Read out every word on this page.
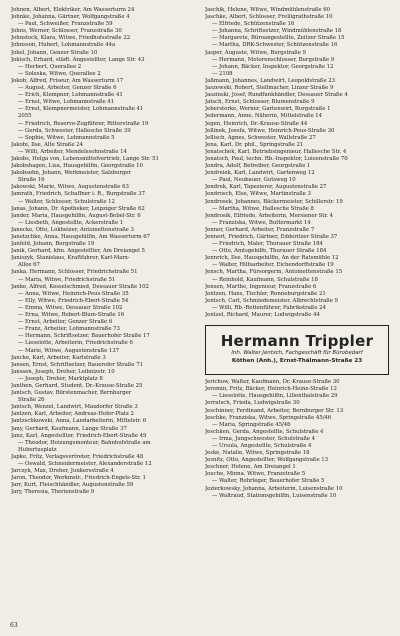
Johnen, Albert, Elektriker, Am Wasserturm 24
Johnke, Johanna, Gärtner, Wolfgangstraße 4
— Paul, Schweißer, Franzstraße 59
Johns, Werner, Schlosser, Franzstraße 30
Johnstock, Klara, Witwe, Friedhofsstraße 22
Johnsson, Hubert, Lohmannstraße 44a
Jokel, Johann, Genzer Straße 10
Jokisch, Erhard, städt. Angestellter, Lange Str. 43
— Herbert, Querallee 2
— Soleska, Witwe, Querallee 2
Jokob, Alfred, Friseur, Am Wasserturm 17
— August, Arbeiter, Genzer Straße 6
— Erich, Klempner, Lohmannstraße 41
— Ernst, Witwe, Lohmannstraße 41
— Ernst, Klempnermeister, Lohmannstraße 41
2055
— Friedrich, Reserve-Zugführer, Ritterstraße 19
— Gerda, Schwester, Hallesche Straße 39
— Sophie, Witwe, Lohmannstraße 5
Jakobi, Ilse, Alte Straße 24
— Willi, Arbeiter, Mendelssohnstraße 14
Jakobs, Helga von, Lebensmittelvertrieb, Lange Str. 51
Jakobshagen, Lisa, Hausgehilfin, Georgstraße 10
Jakobsohn, Johann, Werkmeister, Salzburger
Straße 16
Jakowski, Marie, Witwe, Augustenstraße 63
Jamrath, Friedrich, Schaffner i. R., Burgstraße 37
— Walter, Schlosser, Schulstraße 12
Janas, Johann, Dr. Apotheker, Leipziger Straße 62
Jander, Maria, Hausgehilfin, August-Bebel-Str. 6
— Liesbeth, Angestellte, Ackerstraße 1
Janecke, Otto, Lokheizer, Antoinettenstraße 3
Janetzchke, Anna, Hausgehilfin, Am Wasserturm 67
Janfeld, Johann, Burgstraße 19
Janik, Gerhard, kfm. Angestellter, Am Dreiangel 5
Janiszyk, Stanislaus, Kraftfahrer, Karl-Marx-
Allee 67
Janka, Hermann, Schlosser, Friedrichstraße 51
— Maria, Witwe, Friedrichstraße 51
Janke, Alfred, Kesselschmied, Dessauer Straße 102
— Anna, Witwe, Heinrich-Peus-Straße 35
— Elly, Witwe, Friedrich-Ebert-Straße 54
— Emma, Witwe, Dessauer Straße 102
— Erna, Witwe, Robert-Blum-Straße 16
— Ernst, Arbeiter, Genzer Straße 6
— Franz, Arbeiter, Lohmannstraße 73
— Hermann, Schriftsetzer, Bauerhofer Straße 17
— Lieselotte, Arbeiterin, Friedrichstraße 6
— Marie, Witwe, Augustenstraße 137
Jancke, Karl, Arbeiter, Karlstraße 3
Jansen, Ernst, Schriftsetzer, Bauerofer Straße 71
Janssen, Joseph, Dreher, Leibnizstr. 10
— Joseph, Dreher, Marktplatz 8
Janthen, Gerhard, Student, Dr.-Krause-Straße 25
Jantsch, Gustav, Bürstenmacher, Bernburger
Straße 26
Jantsch, Wenzel, Landwirt, Maxdorfer Straße 3
Jantzen, Karl, Arbeiter, Andreas-Hofer-Platz 2
Jantzschkowski, Anna, Landarbeiterin, Mittelstr. 6
Jany, Gerhard, Kaufmann, Lange Straße 37
Janz, Karl, Angestellter, Friedrich-Ebert-Straße 49
— Theodor, Heizungsmonteur, Bahnhofstraße am
Hubertusplatz
Japke, Fritz, Verlagsvertreter, Friedrichstraße 48
— Oswald, Schneidermeister, Alexanderstraße 12
Jarczyk, Max, Dreher, Junkersstraße 4
Jaron, Theodor, Werkmstr., Friedrich-Engels-Str. 1
Jarr, Kurt, Fleischhändler, Augustenstraße 59
Jary, Theresia, Therienstraße 9
Jaschik, Helene, Witwe, Windmühlenstraße 60
Jaschke, Albert, Schlosser, Freiligrathstraße 10
— Elfriede, Schützenstraße 16
— Johanna, Schriftsetzer, Windmühlenstraße 18
— Margarete, Büroangestellte, Zeitzer Straße 15
— Martha, DRK-Schwester, Schützenstraße 16
Jasper, Auguste, Witwe, Burgstraße 9
— Hermann, Motorenschlosser, Burgstraße 9
— Johann, Bäcker, Inspektor, Georgstraße 12
— 2108
Jaßmann, Johannes, Landwirt, Leopoldstraße 23
Jaszewski, Robert, Stellmacher, Linzer Straße 9
Jaszinski, Josef, Rundfunkhändler, Dessauer Straße 4
Jatsch, Ernst, Schlosser, Blumenstraße 9
Jeberstorke, Werner, Gartenwirt, Burgstraße 1
Jedermann, Anne, Näherin, Mittelstraße 14
Jegen, Heinrich, Dr.-Krause-Straße 44
Jellinek, Josefa, Witwe, Heinrich-Peus-Straße 30
Jellisch, Agnes, Schwester, Wallstraße 27
Jena, Karl, Dr. phil., Springstraße 21
Jenatschek, Karl, Betriebsingenieur, Hallesche Str. 4
Jenatsch, Paul, techn. Rb.-Inspektor, Luisenstraße 70
Jendra, Adolf, Betreiber, Georgstraße 1
Jendreiek, Karl, Landwirt, Gartenweg 12
— Paul, Neubauer, Gutsweg 10
Jendrek, Karl, Tapezierer, Augustenstraße 27
Jendrosch, Else, Witwe, Martinstraße 3
Jendrosek, Johannes, Bäckermeister, Schillerstr. 19
— Martha, Witwe, Hallesche Straße 8
Jendrosik, Elfriede, Arbeiterin, Mersiener Str. 4
— Franziska, Witwe, Buttermarkt 14
Jenner, Gerhard, Arbeiter, Franzstraße 7
Jennert, Friedrich, Gärtner, Edderitzer Straße 37
— Friedrich, Maler, Thurauer Straße 184
— Otto, Amtsgehilfe, Thurauer Straße 184
Jennrich, Ilse, Hausgehilfin, An der Ratsmühle 12
— Walter, Hilfsarbeiter, Eichendorffstraße 19
Jensch, Martha, Fürsorgerin, Antoinettenstraße 15
— Reinhold, Kaufmann, Schulstraße 18
Jensen, Marthe, Ingenieur, Franzstraße 6
Jentzen, Hans, Tischler, Ronneburgstraße 21
Jentsch, Carl, Schmiedemeister, Albrechtstraße 9
— Willi, Rb.-Rottenführer, Fabrikstraße 24
Jentzel, Richard, Maurer, Ludwigstraße 44
Hermann Trippler
Inh. Walter Jentsch, Fachgeschäft für Bürobedarf
Köthen (Anh.), Ernst-Thälmann-Straße 23
Jerichow, Walter, Kaufmann, Dr.-Krause-Straße 30
Jeromin, Fritz, Bäcker, Heinrich-Heine-Straße 12
— Lieselotte, Hausgehilfin, Lilienthalstraße 29
Jerratsch, Frieda, Ludwigstraße 30
Jeschinner, Ferdinand, Arbeiter, Bernburger Str. 13
Jeschke, Franziska, Witwe, Springstraße 45/46
— Maria, Springstraße 45/46
Jeschken, Gerda, Angestellte, Schulstraße 4
— Irma, Jungschwester, Schulstraße 4
— Ursula, Angestellte, Schulstraße 4
Jeske, Natalie, Witwe, Springstraße 18
Jesnitz, Otto, Angestellter, Wolfgangstraße 13
Jeschner, Helene, Am Dreiangel 1
Jouche, Minna, Witwe, Franzstraße 5
— Walter, Rohrleger, Bauerhofer Straße 5
Jezierkowsky, Johanna, Arbeiterin, Luisenstraße 10
— Waltraud, Stationsgehilfin, Luisenstraße 10
63
